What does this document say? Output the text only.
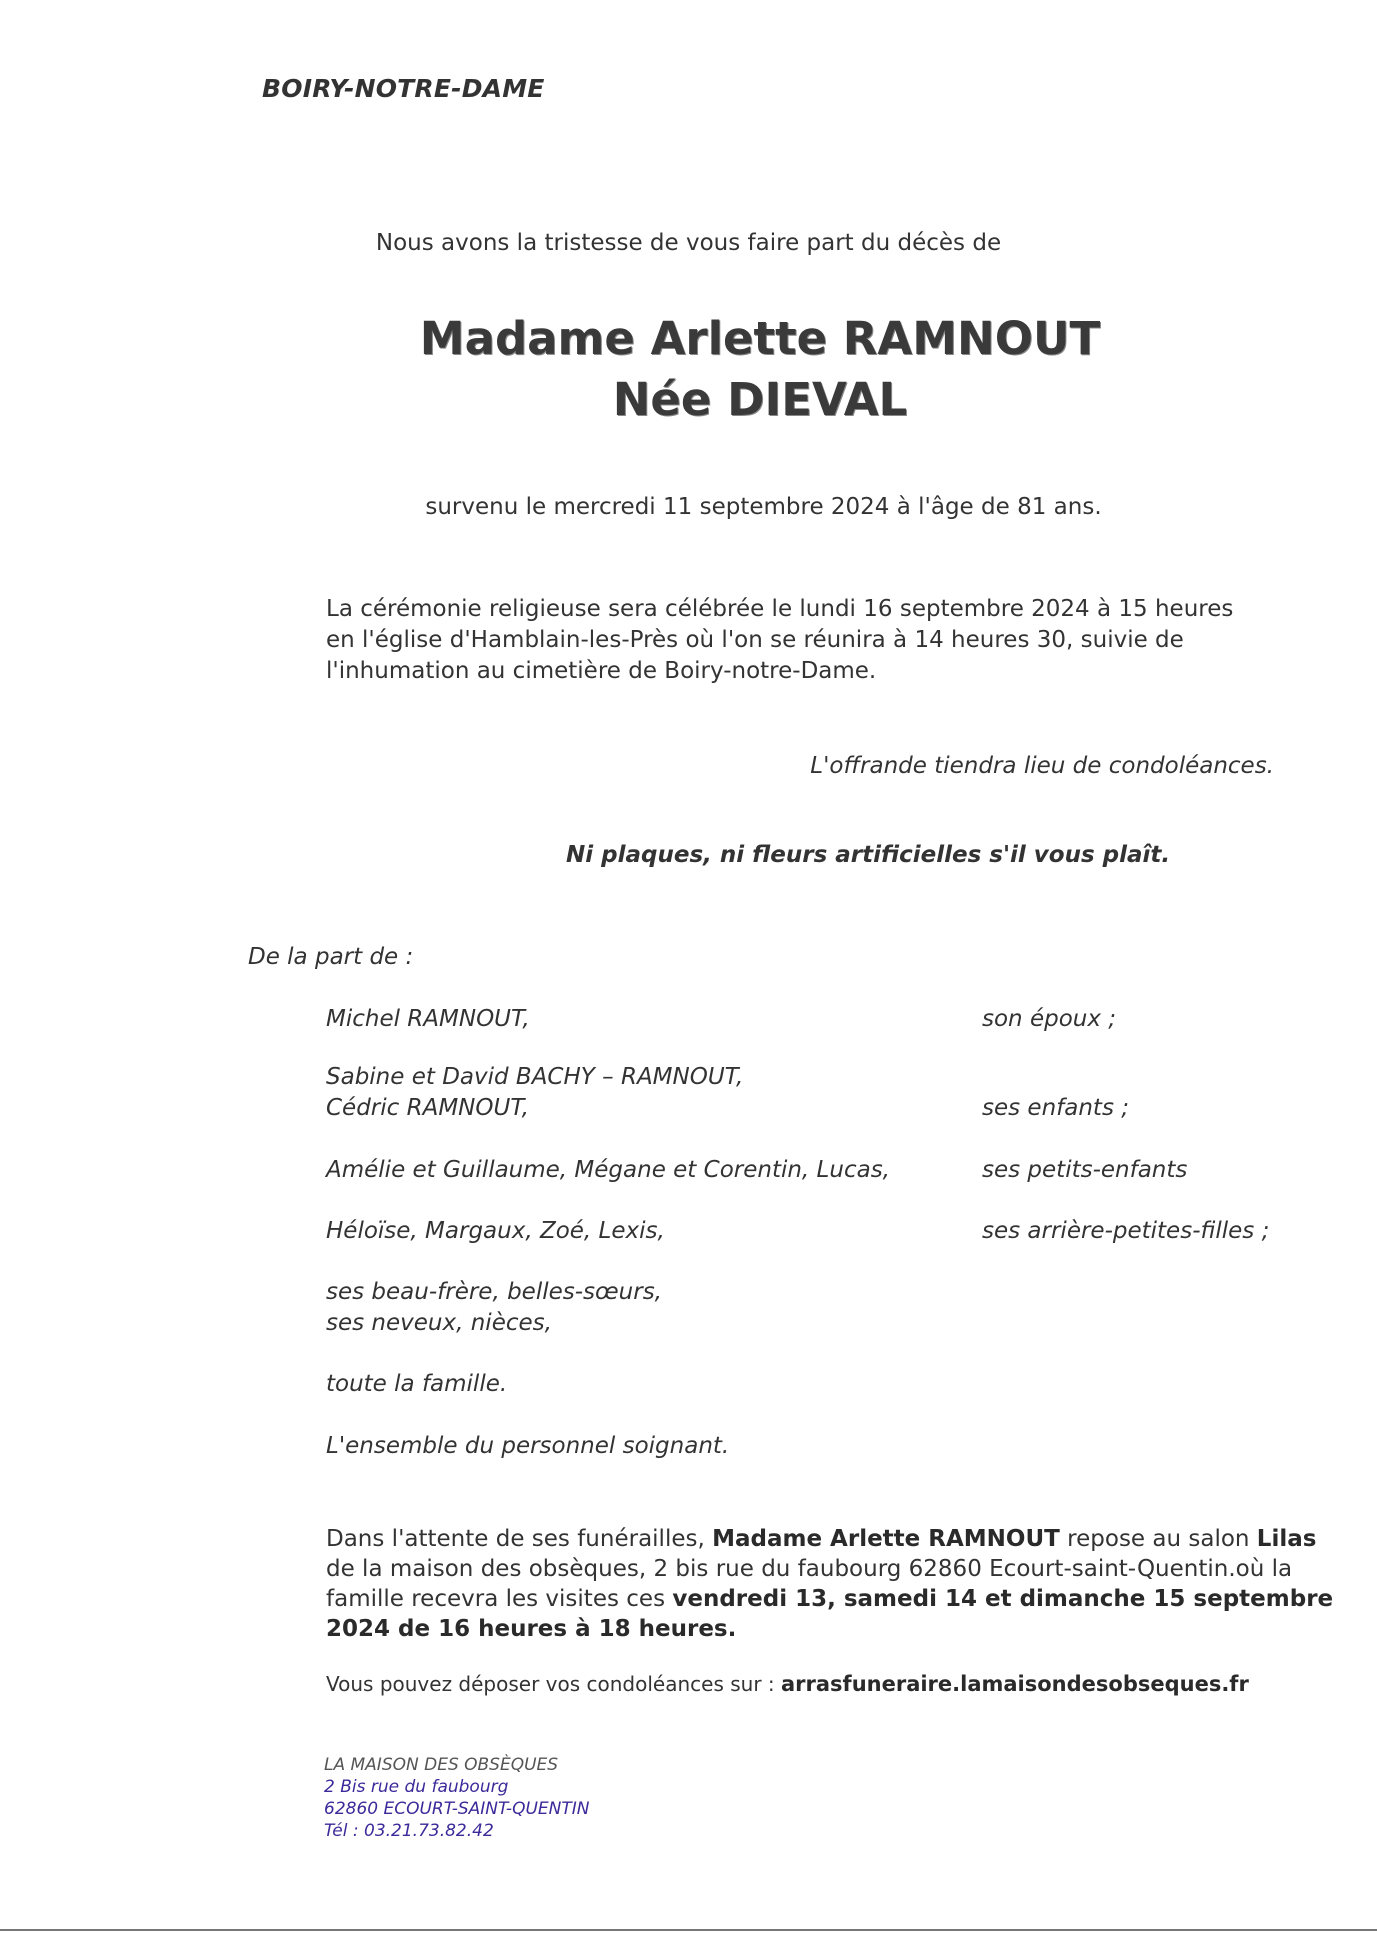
BOIRY-NOTRE-DAME
Nous avons la tristesse de vous faire part du décès de
Madame Arlette RAMNOUT
Née DIEVAL
survenu le mercredi 11 septembre 2024 à l'âge de 81 ans.
La cérémonie religieuse sera célébrée le lundi 16 septembre 2024 à 15 heures
en l'église d'Hamblain-les-Près où l'on se réunira à 14 heures 30, suivie de
l'inhumation au cimetière de Boiry-notre-Dame.
L'offrande tiendra lieu de condoléances.
Ni plaques, ni fleurs artificielles s'il vous plaît.
De la part de :
Michel RAMNOUT,	son époux ;
Sabine et David BACHY – RAMNOUT,
Cédric RAMNOUT,	ses enfants ;
Amélie et Guillaume, Mégane et Corentin, Lucas,	ses petits-enfants
Héloïse, Margaux, Zoé, Lexis,	ses arrière-petites-filles ;
ses beau-frère, belles-sœurs,
ses neveux, nièces,
toute la famille.
L'ensemble du personnel soignant.
Dans l'attente de ses funérailles, Madame Arlette RAMNOUT repose au salon Lilas
de la maison des obsèques, 2 bis rue du faubourg 62860 Ecourt-saint-Quentin.où la
famille recevra les visites ces vendredi 13, samedi 14 et dimanche 15 septembre
2024 de 16 heures à 18 heures.
Vous pouvez déposer vos condoléances sur : arrasfuneraire.lamaisondesobseques.fr
LA MAISON DES OBSÈQUES
2 Bis rue du faubourg
62860 ECOURT-SAINT-QUENTIN
Tél : 03.21.73.82.42
